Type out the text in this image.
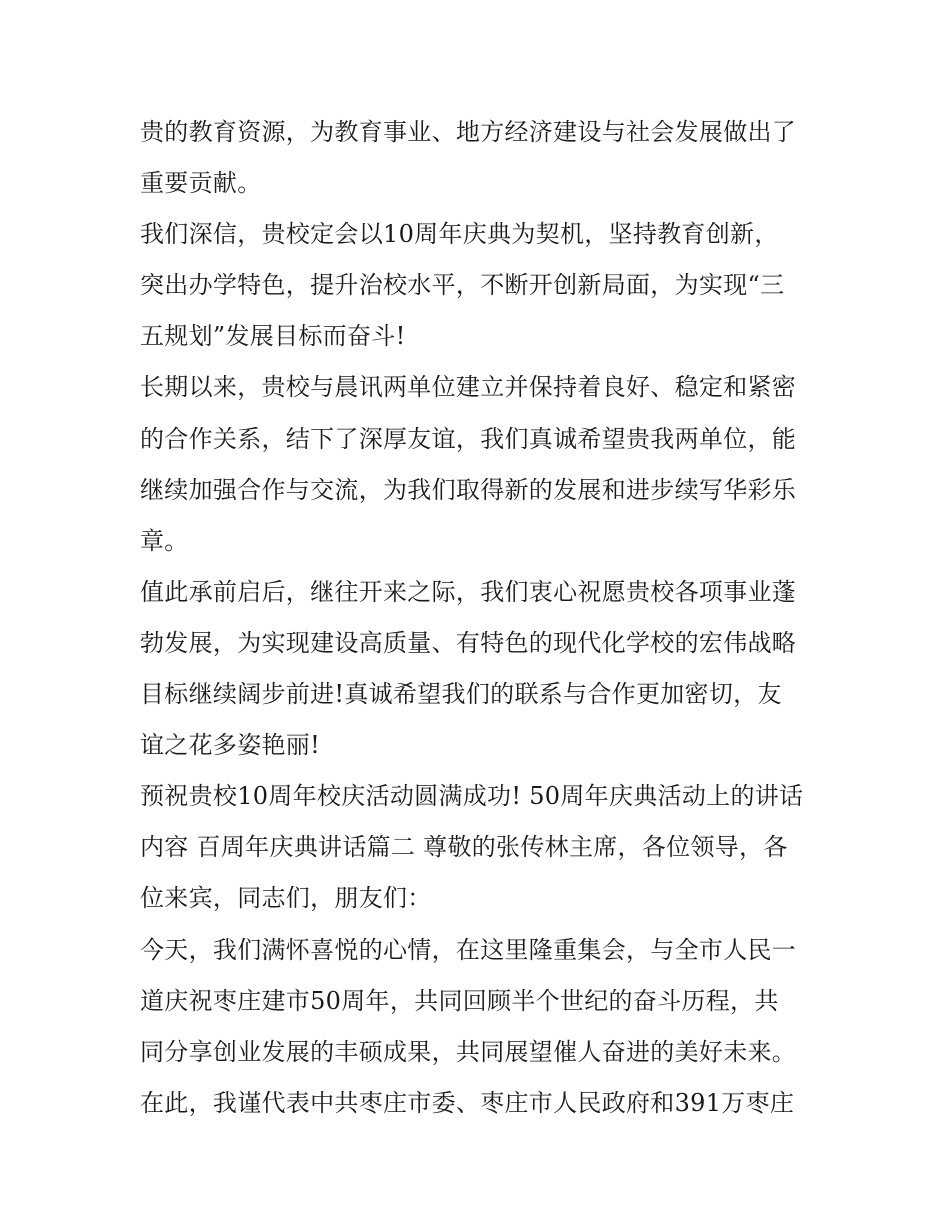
贵的教育资源，为教育事业、地方经济建设与社会发展做出了
重要贡献。
我们深信，贵校定会以10周年庆典为契机，坚持教育创新，
突出办学特色，提升治校水平，不断开创新局面，为实现“三
五规划”发展目标而奋斗!
长期以来，贵校与晨讯两单位建立并保持着良好、稳定和紧密
的合作关系，结下了深厚友谊，我们真诚希望贵我两单位，能
继续加强合作与交流，为我们取得新的发展和进步续写华彩乐
章。
值此承前启后，继往开来之际，我们衷心祝愿贵校各项事业蓬
勃发展，为实现建设高质量、有特色的现代化学校的宏伟战略
目标继续阔步前进!真诚希望我们的联系与合作更加密切，友
谊之花多姿艳丽!
预祝贵校10周年校庆活动圆满成功! 50周年庆典活动上的讲话
内容 百周年庆典讲话篇二 尊敬的张传林主席，各位领导，各
位来宾，同志们，朋友们：
今天，我们满怀喜悦的心情，在这里隆重集会，与全市人民一
道庆祝枣庄建市50周年，共同回顾半个世纪的奋斗历程，共
同分享创业发展的丰硕成果，共同展望催人奋进的美好未来。
在此，我谨代表中共枣庄市委、枣庄市人民政府和391万枣庄
